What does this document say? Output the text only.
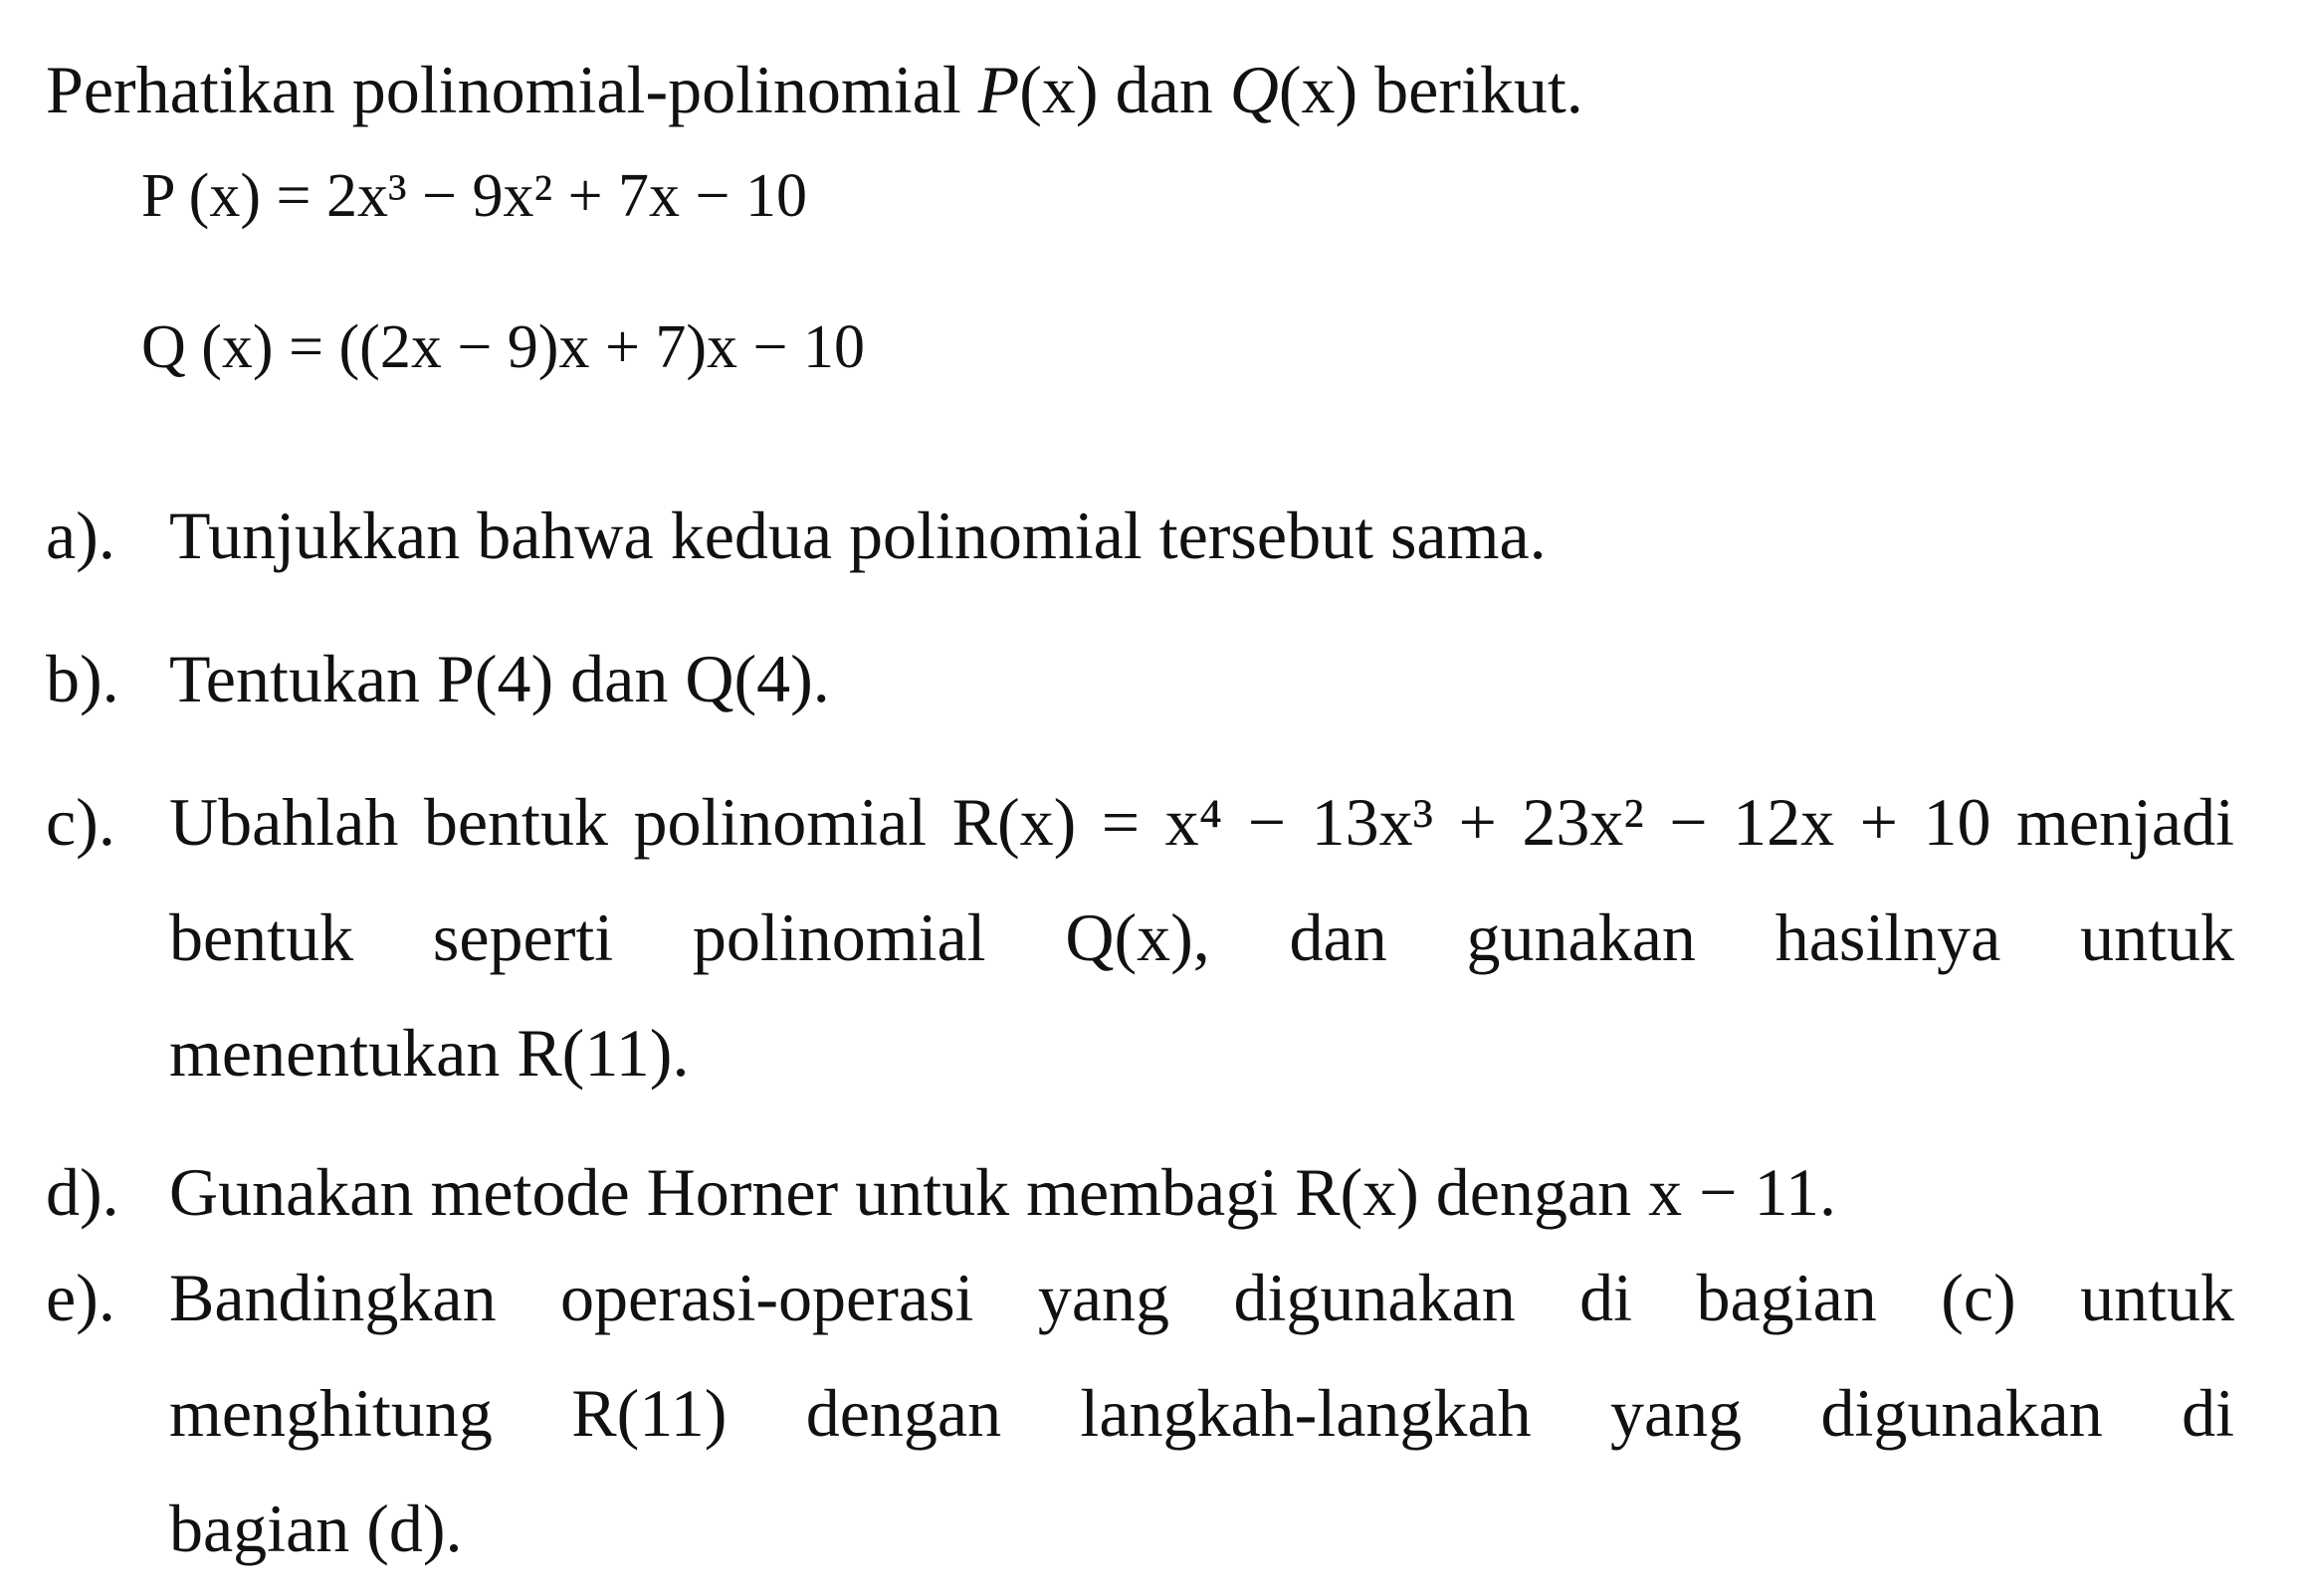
Perhatikan polinomial-polinomial P(x) dan Q(x) berikut.
P (x) = 2x³ − 9x² + 7x − 10
Q (x) = ((2x − 9)x + 7)x − 10
a). Tunjukkan bahwa kedua polinomial tersebut sama.
b). Tentukan P(4) dan Q(4).
c). Ubahlah bentuk polinomial R(x) = x⁴ − 13x³ + 23x² − 12x + 10 menjadi
bentuk seperti polinomial Q(x), dan gunakan hasilnya untuk
menentukan R(11).
d). Gunakan metode Horner untuk membagi R(x) dengan x − 11.
e). Bandingkan operasi-operasi yang digunakan di bagian (c) untuk
menghitung R(11) dengan langkah-langkah yang digunakan di
bagian (d).
